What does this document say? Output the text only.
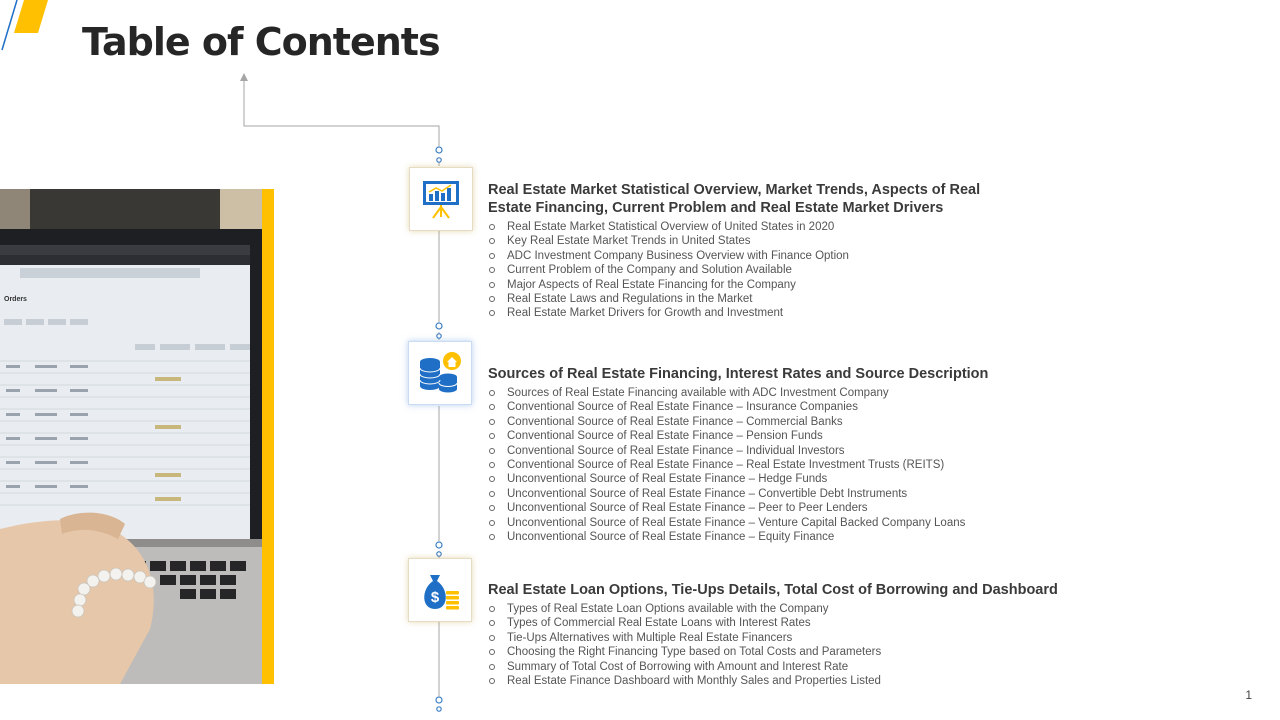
Table of Contents
Orders
$
Real Estate Market Statistical Overview, Market Trends, Aspects of Real Estate Financing, Current Problem and Real Estate Market Drivers
Real Estate Market Statistical Overview of United States in 2020
Key Real Estate Market Trends in United States
ADC Investment Company Business Overview with Finance Option
Current Problem of the Company and Solution Available
Major Aspects of Real Estate Financing for the Company
Real Estate Laws and Regulations in the Market
Real Estate Market Drivers for Growth and Investment
Sources of Real Estate Financing, Interest Rates and Source Description
Sources of Real Estate Financing available with ADC Investment Company
Conventional Source of Real Estate Finance – Insurance Companies
Conventional Source of Real Estate Finance – Commercial Banks
Conventional Source of Real Estate Finance – Pension Funds
Conventional Source of Real Estate Finance – Individual Investors
Conventional Source of Real Estate Finance – Real Estate Investment Trusts (REITS)
Unconventional Source of Real Estate Finance – Hedge Funds
Unconventional Source of Real Estate Finance – Convertible Debt Instruments
Unconventional Source of Real Estate Finance – Peer to Peer Lenders
Unconventional Source of Real Estate Finance – Venture Capital Backed Company Loans
Unconventional Source of Real Estate Finance – Equity Finance
Real Estate Loan Options, Tie-Ups Details, Total Cost of Borrowing and Dashboard
Types of Real Estate Loan Options available with the Company
Types of Commercial Real Estate Loans with Interest Rates
Tie-Ups Alternatives with Multiple Real Estate Financers
Choosing the Right Financing Type based on Total Costs and Parameters
Summary of Total Cost of Borrowing with Amount and Interest Rate
Real Estate Finance Dashboard with Monthly Sales and Properties Listed
1
